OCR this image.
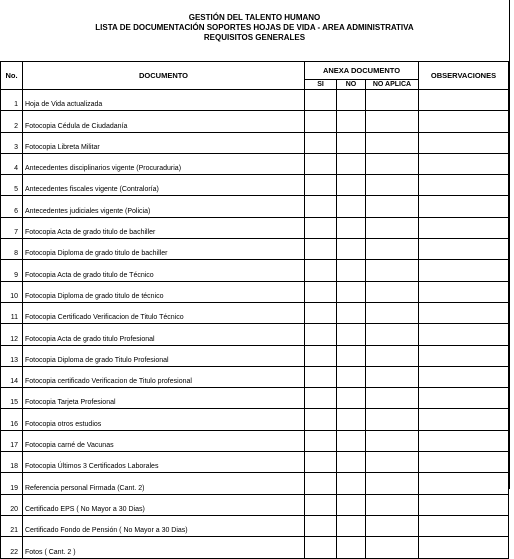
GESTIÓN DEL TALENTO HUMANO
LISTA DE DOCUMENTACIÓN SOPORTES HOJAS DE VIDA - AREA ADMINISTRATIVA
REQUISITOS GENERALES
No.	DOCUMENTO	ANEXA DOCUMENTO			OBSERVACIONES
		SI	NO	NO APLICA	
1	Hoja de Vida actualizada				
2	Fotocopia Cédula de Ciudadanía				
3	Fotocopia Libreta Militar				
4	Antecedentes disciplinarios vigente (Procuraduria)				
5	Antecedentes fiscales vigente (Contraloría)				
6	Antecedentes judiciales vigente (Policia)				
7	Fotocopia Acta de grado titulo de bachiller				
8	Fotocopia Diploma de grado titulo de bachiller				
9	Fotocopia Acta de grado titulo de Técnico				
10	Fotocopia Diploma de grado titulo de técnico				
11	Fotocopia Certificado Verificacion de Titulo Técnico				
12	Fotocopia Acta de grado titulo Profesional				
13	Fotocopia Diploma de grado Titulo Profesional				
14	Fotocopia certificado Verificacion de Titulo profesional				
15	Fotocopia Tarjeta Profesional				
16	Fotocopia otros estudios				
17	Fotocopia carné de Vacunas				
18	Fotocopia Últimos 3 Certificados Laborales				
19	Referencia personal Firmada (Cant. 2)				
20	Certificado EPS ( No Mayor a 30 Dias)				
21	Certificado Fondo de Pensión ( No Mayor a 30 Dias)				
22	Fotos ( Cant. 2 )				
